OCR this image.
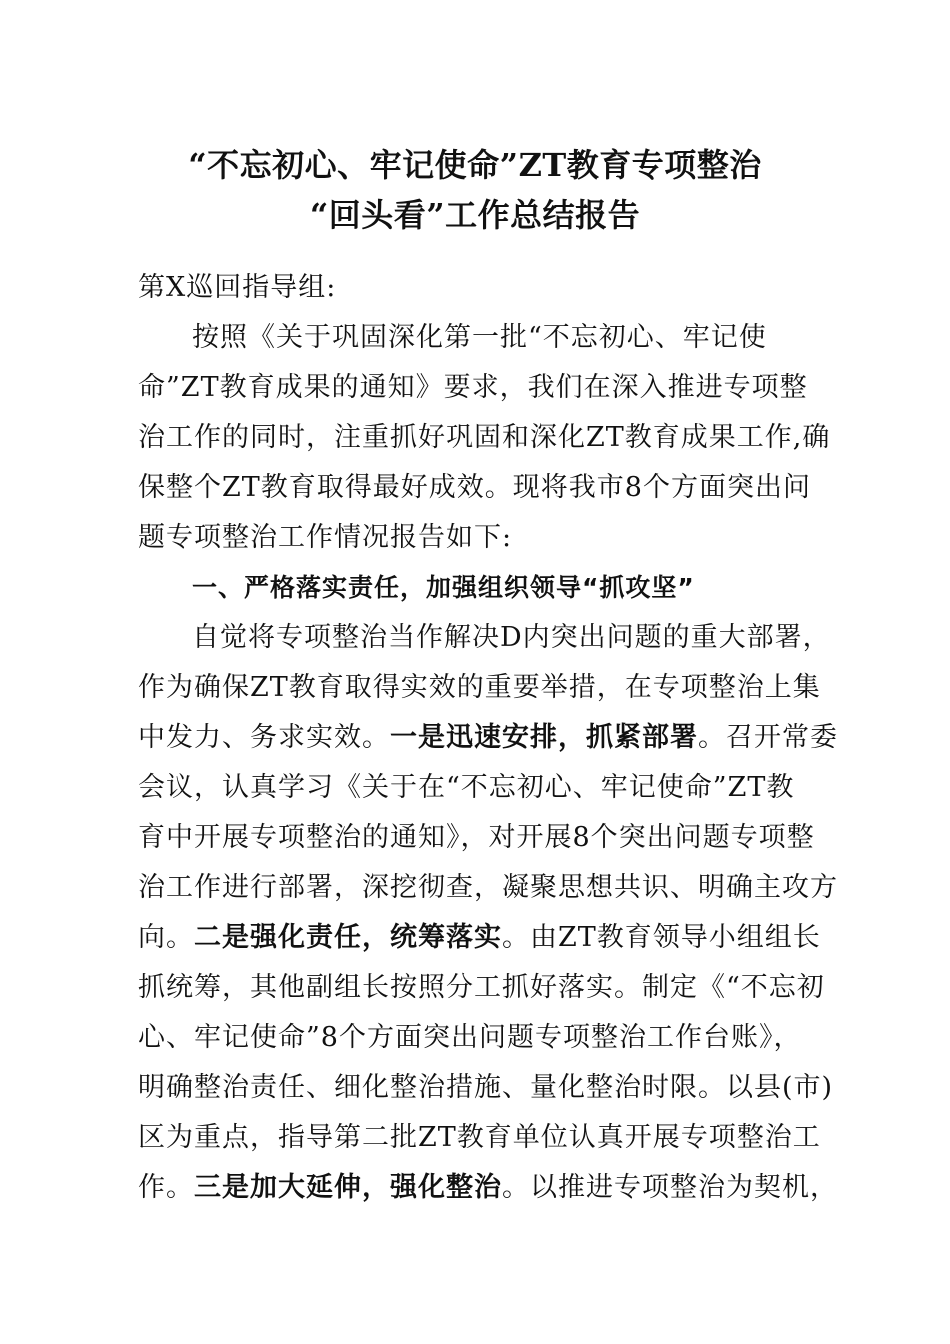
“不忘初心、牢记使命”ZT教育专项整治
“回头看”工作总结报告
第X巡回指导组:
按照《关于巩固深化第一批“不忘初心、牢记使
命”ZT教育成果的通知》要求，我们在深入推进专项整
治工作的同时，注重抓好巩固和深化ZT教育成果工作,确
保整个ZT教育取得最好成效。现将我市8个方面突出问
题专项整治工作情况报告如下:
一、严格落实责任，加强组织领导“抓攻坚”
自觉将专项整治当作解决D内突出问题的重大部署，
作为确保ZT教育取得实效的重要举措，在专项整治上集
中发力、务求实效。一是迅速安排，抓紧部署。召开常委
会议，认真学习《关于在“不忘初心、牢记使命”ZT教
育中开展专项整治的通知》，对开展8个突出问题专项整
治工作进行部署，深挖彻查，凝聚思想共识、明确主攻方
向。二是强化责任，统筹落实。由ZT教育领导小组组长
抓统筹，其他副组长按照分工抓好落实。制定《“不忘初
心、牢记使命”8个方面突出问题专项整治工作台账》，
明确整治责任、细化整治措施、量化整治时限。以县(市)
区为重点，指导第二批ZT教育单位认真开展专项整治工
作。三是加大延伸，强化整治。以推进专项整治为契机，
